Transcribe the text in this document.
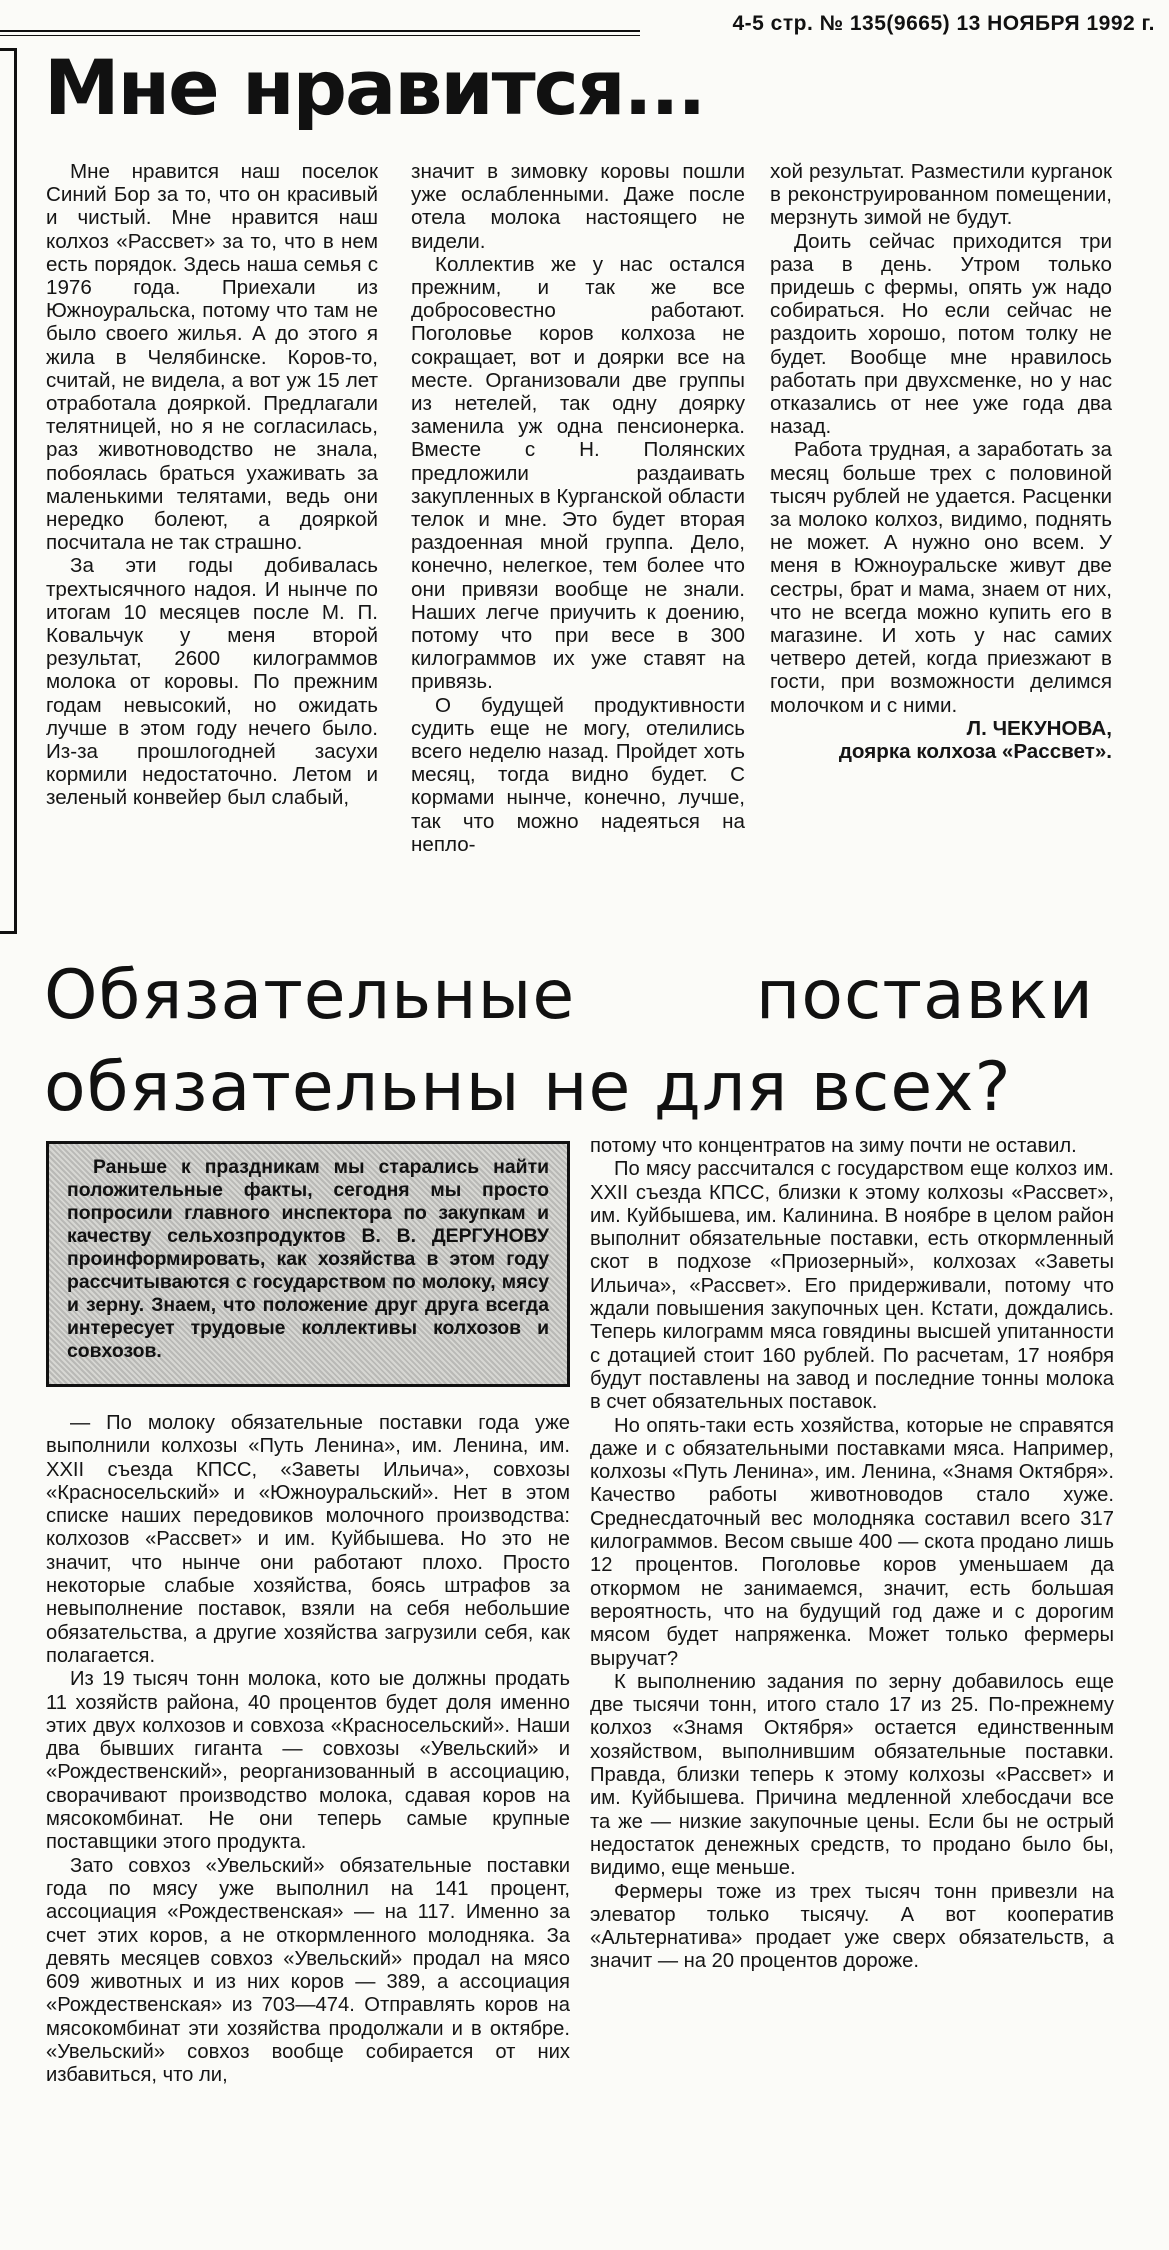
4-5 стр. № 135(9665) 13 НОЯБРЯ 1992 г.
Мне нравится...

Мне нравится наш поселок Синий Бор за то, что он красивый и чистый. Мне нравится наш колхоз «Рассвет» за то, что в нем есть порядок. Здесь наша семья с 1976 года. Приехали из Южноуральска, потому что там не было своего жилья. А до этого я жила в Челябинске. Коров-то, считай, не видела, а вот уж 15 лет отработала дояркой. Предлагали телятницей, но я не согласилась, раз животноводство не знала, побоялась браться ухаживать за маленькими телятами, ведь они нередко болеют, а дояркой посчитала не так страшно.

За эти годы добивалась трехтысячного надоя. И нынче по итогам 10 месяцев после М. П. Ковальчук у меня второй результат, 2600 килограммов молока от коровы. По прежним годам невысокий, но ожидать лучше в этом году нечего было. Из-за прошлогодней засухи кормили недостаточно. Летом и зеленый конвейер был слабый,

значит в зимовку коровы пошли уже ослабленными. Даже после отела молока настоящего не видели.

Коллектив же у нас остался прежним, и так же все добросовестно работают. Поголовье коров колхоза не сокращает, вот и доярки все на месте. Организовали две группы из нетелей, так одну доярку заменила уж одна пенсионерка. Вместе с Н. Полянских предложили раздаивать закупленных в Курганской области телок и мне. Это будет вторая раздоенная мной группа. Дело, конечно, нелегкое, тем более что они привязи вообще не знали. Наших легче приучить к доению, потому что при весе в 300 килограммов их уже ставят на привязь.

О будущей продуктивности судить еще не могу, отелились всего неделю назад. Пройдет хоть месяц, тогда видно будет. С кормами нынче, конечно, лучше, так что можно надеяться на непло-

хой результат. Разместили курганок в реконструированном помещении, мерзнуть зимой не будут.

Доить сейчас приходится три раза в день. Утром только придешь с фермы, опять уж надо собираться. Но если сейчас не раздоить хорошо, потом толку не будет. Вообще мне нравилось работать при двухсменке, но у нас отказались от нее уже года два назад.

Работа трудная, а заработать за месяц больше трех с половиной тысяч рублей не удается. Расценки за молоко колхоз, видимо, поднять не может. А нужно оно всем. У меня в Южноуральске живут две сестры, брат и мама, знаем от них, что не всегда можно купить его в магазине. И хоть у нас самих четверо детей, когда приезжают в гости, при возможности делимся молочком и с ними.

Л. ЧЕКУНОВА,

доярка колхоза «Рассвет».

Обязательные	поставки
обязательны не для всех?

Раньше к праздникам мы старались найти положительные факты, сегодня мы просто попросили главного инспектора по закупкам и качеству сельхозпродуктов В. В. ДЕРГУНОВУ проинформировать, как хозяйства в этом году рассчитываются с государством по молоку, мясу и зерну. Знаем, что положение друг друга всегда интересует трудовые коллективы колхозов и совхозов.

— По молоку обязательные поставки года уже выполнили колхозы «Путь Ленина», им. Ленина, им. XXII съезда КПСС, «Заветы Ильича», совхозы «Красносельский» и «Южноуральский». Нет в этом списке наших передовиков молочного производства: колхозов «Рассвет» и им. Куйбышева. Но это не значит, что нынче они работают плохо. Просто некоторые слабые хозяйства, боясь штрафов за невыполнение поставок, взяли на себя небольшие обязательства, а другие хозяйства загрузили себя, как полагается.

Из 19 тысяч тонн молока, кото ые должны продать 11 хозяйств района, 40 процентов будет доля именно этих двух колхозов и совхоза «Красносельский». Наши два бывших гиганта — совхозы «Увельский» и «Рождественский», реорганизованный в ассоциацию, сворачивают производство молока, сдавая коров на мясокомбинат. Не они теперь самые крупные поставщики этого продукта.

Зато совхоз «Увельский» обязательные поставки года по мясу уже выполнил на 141 процент, ассоциация «Рождественская» — на 117. Именно за счет этих коров, а не откормленного молодняка. За девять месяцев совхоз «Увельский» продал на мясо 609 животных и из них коров — 389, а ассоциация «Рождественская» из 703—474. Отправлять коров на мясокомбинат эти хозяйства продолжали и в октябре. «Увельский» совхоз вообще собирается от них избавиться, что ли,

потому что концентратов на зиму почти не оставил.

По мясу рассчитался с государством еще колхоз им. XXII съезда КПСС, близки к этому колхозы «Рассвет», им. Куйбышева, им. Калинина. В ноябре в целом район выполнит обязательные поставки, есть откормленный скот в подхозе «Приозерный», колхозах «Заветы Ильича», «Рассвет». Его придерживали, потому что ждали повышения закупочных цен. Кстати, дождались. Теперь килограмм мяса говядины высшей упитанности с дотацией стоит 160 рублей. По расчетам, 17 ноября будут поставлены на завод и последние тонны молока в счет обязательных поставок.

Но опять-таки есть хозяйства, которые не справятся даже и с обязательными поставками мяса. Например, колхозы «Путь Ленина», им. Ленина, «Знамя Октября». Качество работы животноводов стало хуже. Среднесдаточный вес молодняка составил всего 317 килограммов. Весом свыше 400 — скота продано лишь 12 процентов. Поголовье коров уменьшаем да откормом не занимаемся, значит, есть большая вероятность, что на будущий год даже и с дорогим мясом будет напряженка. Может только фермеры выручат?

К выполнению задания по зерну добавилось еще две тысячи тонн, итого стало 17 из 25. По-прежнему колхоз «Знамя Октября» остается единственным хозяйством, выполнившим обязательные поставки. Правда, близки теперь к этому колхозы «Рассвет» и им. Куйбышева. Причина медленной хлебосдачи все та же — низкие закупочные цены. Если бы не острый недостаток денежных средств, то продано было бы, видимо, еще меньше.

Фермеры тоже из трех тысяч тонн привезли на элеватор только тысячу. А вот кооператив «Альтернатива» продает уже сверх обязательств, а значит — на 20 процентов дороже.
